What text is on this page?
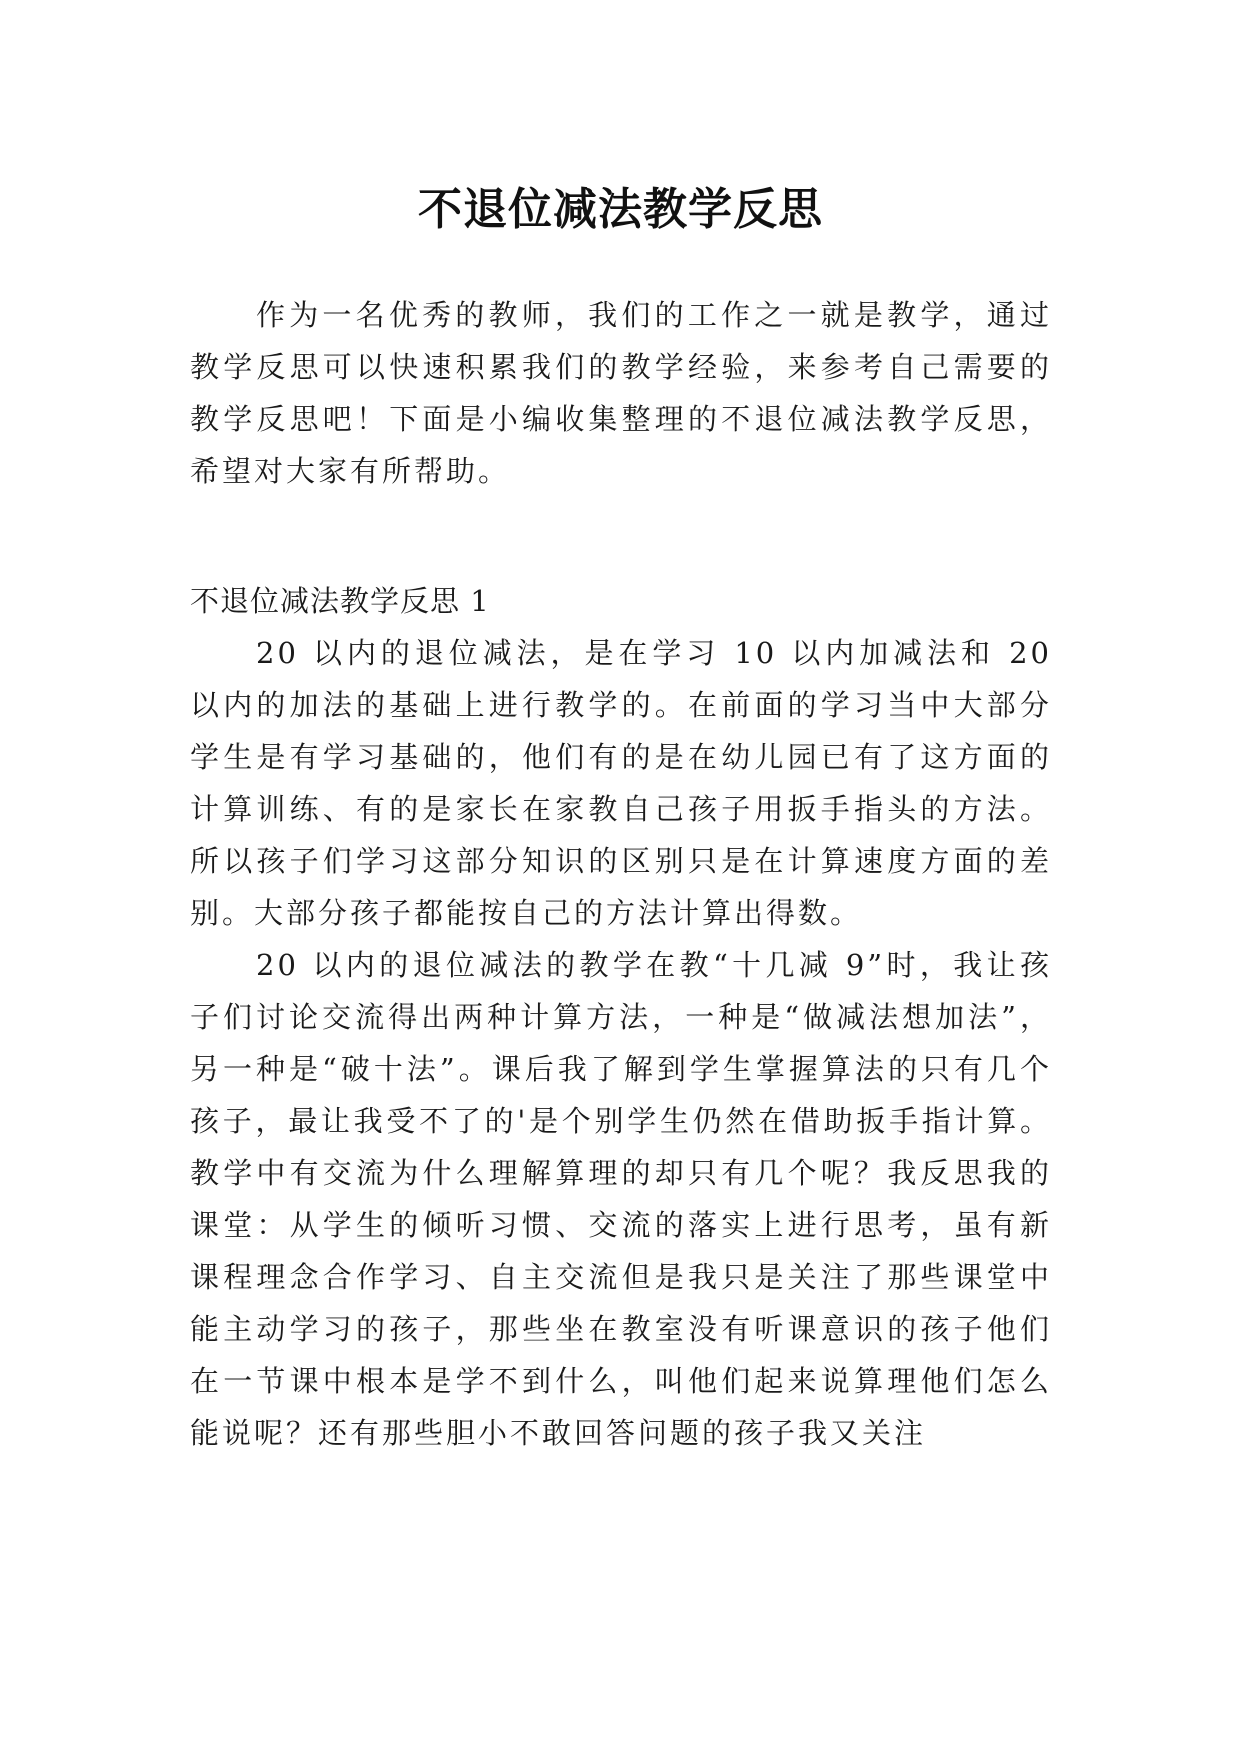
不退位减法教学反思

作为一名优秀的教师，我们的工作之一就是教学，通过教学反思可以快速积累我们的教学经验，来参考自己需要的教学反思吧！下面是小编收集整理的不退位减法教学反思，希望对大家有所帮助。

不退位减法教学反思 1

20 以内的退位减法，是在学习 10 以内加减法和 20 以内的加法的基础上进行教学的。在前面的学习当中大部分学生是有学习基础的，他们有的是在幼儿园已有了这方面的计算训练、有的是家长在家教自己孩子用扳手指头的方法。所以孩子们学习这部分知识的区别只是在计算速度方面的差别。大部分孩子都能按自己的方法计算出得数。

20 以内的退位减法的教学在教“十几减 9”时，我让孩子们讨论交流得出两种计算方法，一种是“做减法想加法”，另一种是“破十法”。课后我了解到学生掌握算法的只有几个孩子，最让我受不了的'是个别学生仍然在借助扳手指计算。教学中有交流为什么理解算理的却只有几个呢？我反思我的课堂：从学生的倾听习惯、交流的落实上进行思考，虽有新课程理念合作学习、自主交流但是我只是关注了那些课堂中能主动学习的孩子，那些坐在教室没有听课意识的孩子他们在一节课中根本是学不到什么，叫他们起来说算理他们怎么能说呢？还有那些胆小不敢回答问题的孩子我又关注
